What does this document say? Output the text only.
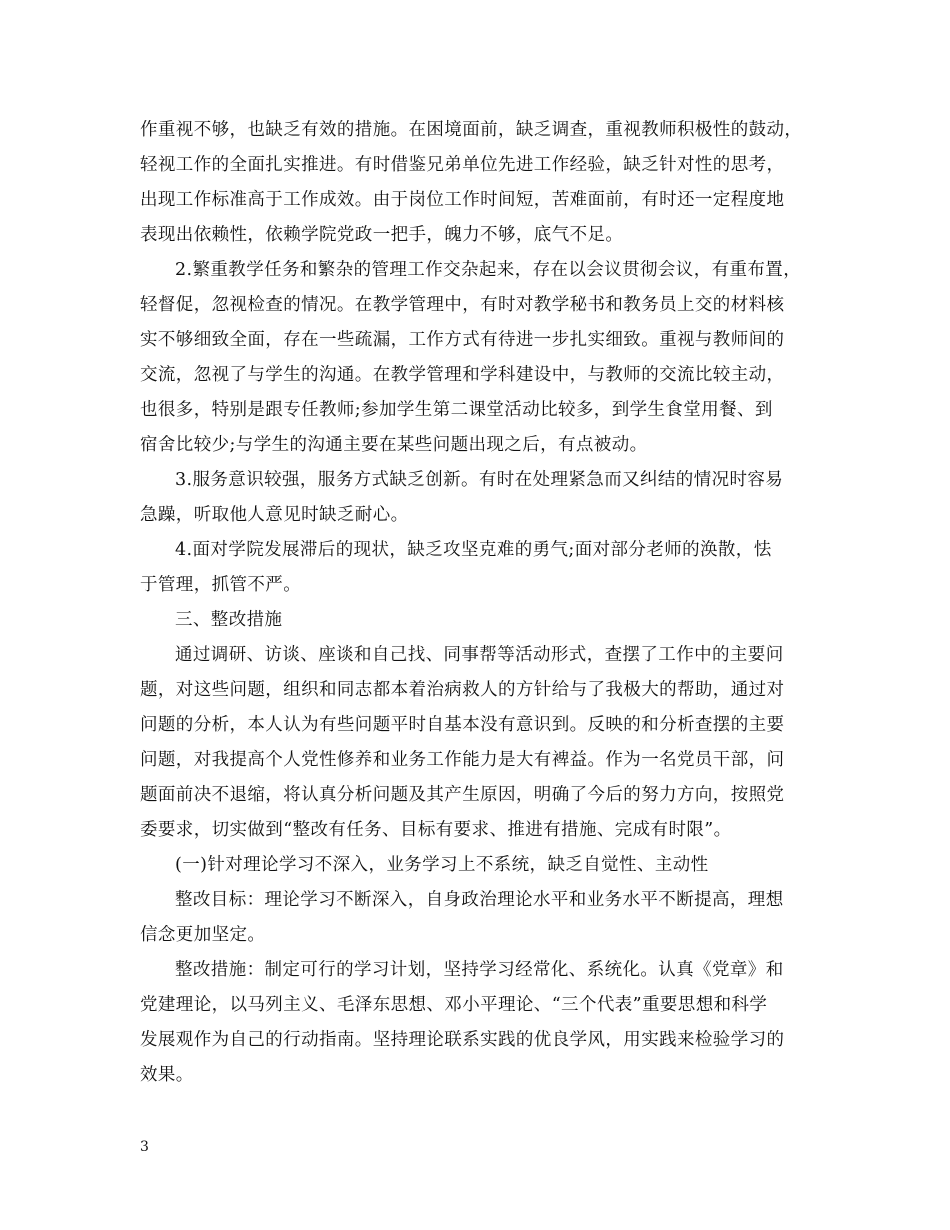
作重视不够，也缺乏有效的措施。在困境面前，缺乏调查，重视教师积极性的鼓动，
轻视工作的全面扎实推进。有时借鉴兄弟单位先进工作经验，缺乏针对性的思考，
出现工作标准高于工作成效。由于岗位工作时间短，苦难面前，有时还一定程度地
表现出依赖性，依赖学院党政一把手，魄力不够，底气不足。
2.繁重教学任务和繁杂的管理工作交杂起来，存在以会议贯彻会议，有重布置，
轻督促，忽视检查的情况。在教学管理中，有时对教学秘书和教务员上交的材料核
实不够细致全面，存在一些疏漏，工作方式有待进一步扎实细致。重视与教师间的
交流，忽视了与学生的沟通。在教学管理和学科建设中，与教师的交流比较主动，
也很多，特别是跟专任教师;参加学生第二课堂活动比较多，到学生食堂用餐、到
宿舍比较少;与学生的沟通主要在某些问题出现之后，有点被动。
3.服务意识较强，服务方式缺乏创新。有时在处理紧急而又纠结的情况时容易
急躁，听取他人意见时缺乏耐心。
4.面对学院发展滞后的现状，缺乏攻坚克难的勇气;面对部分老师的涣散，怯
于管理，抓管不严。
三、整改措施
通过调研、访谈、座谈和自己找、同事帮等活动形式，查摆了工作中的主要问
题，对这些问题，组织和同志都本着治病救人的方针给与了我极大的帮助，通过对
问题的分析，本人认为有些问题平时自基本没有意识到。反映的和分析查摆的主要
问题，对我提高个人党性修养和业务工作能力是大有裨益。作为一名党员干部，问
题面前决不退缩，将认真分析问题及其产生原因，明确了今后的努力方向，按照党
委要求，切实做到“整改有任务、目标有要求、推进有措施、完成有时限”。
(一)针对理论学习不深入，业务学习上不系统，缺乏自觉性、主动性
整改目标：理论学习不断深入，自身政治理论水平和业务水平不断提高，理想
信念更加坚定。
整改措施：制定可行的学习计划，坚持学习经常化、系统化。认真《党章》和
党建理论，以马列主义、毛泽东思想、邓小平理论、“三个代表”重要思想和科学
发展观作为自己的行动指南。坚持理论联系实践的优良学风，用实践来检验学习的
效果。
3
